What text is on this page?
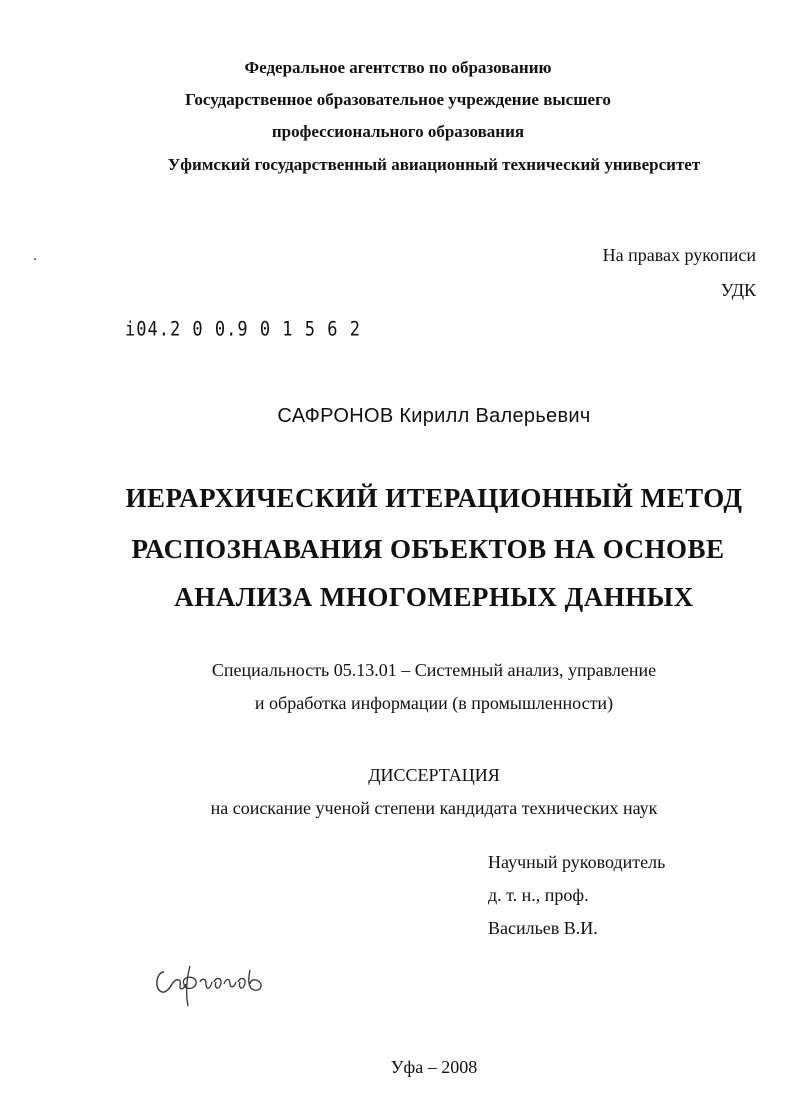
Федеральное агентство по образованию
Государственное образовательное учреждение высшего
профессионального образования
Уфимский государственный авиационный технический университет
На правах рукописи
УДК
i04.2 0 0.9 0 1 5 6 2
САФРОНОВ Кирилл Валерьевич
ИЕРАРХИЧЕСКИЙ ИТЕРАЦИОННЫЙ МЕТОД
РАСПОЗНАВАНИЯ ОБЪЕКТОВ НА ОСНОВЕ
АНАЛИЗА МНОГОМЕРНЫХ ДАННЫХ
Специальность 05.13.01 – Системный анализ, управление
и обработка информации (в промышленности)
ДИССЕРТАЦИЯ
на соискание ученой степени кандидата технических наук
Научный руководитель
д. т. н., проф.
Васильев В.И.
Уфа – 2008
